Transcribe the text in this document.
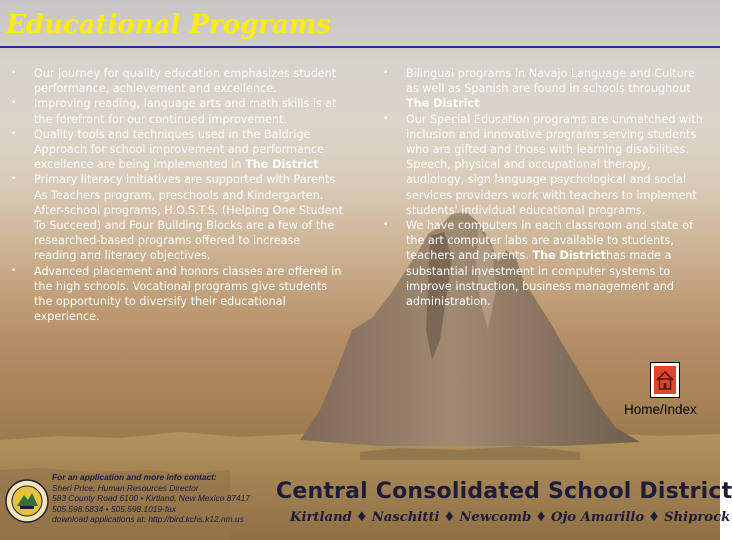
Educational Programs
• Our journey for quality education emphasizes student performance, achievement and excellence.
• Improving reading, language arts and math skills is at the forefront for our continued improvement.
• Quality tools and techniques used in the Baldrige Approach for school improvement and performance excellence are being implemented in The District
• Primary literacy initiatives are supported with Parents As Teachers program, preschools and Kindergarten. After-school programs, H.O.S.T.S. (Helping One Student To Succeed) and Four Building Blocks are a few of the researched-based programs offered to increase reading and literacy objectives.
• Advanced placement and honors classes are offered in the high schools. Vocational programs give students the opportunity to diversify their educational experience.
• Bilingual programs in Navajo Language and Culture as well as Spanish are found in schools throughout The District
• Our Special Education programs are unmatched with inclusion and innovative programs serving students who are gifted and those with learning disabilities. Speech, physical and occupational therapy, audiology, sign language psychological and social services providers work with teachers to implement students' individual educational programs.
• We have computers in each classroom and state of the art computer labs are available to students, teachers and parents. The Districthas made a substantial investment in computer systems to improve instruction, business management and administration.
Home/Index
For an application and more info contact:
Sheri Price, Human Resources Director
583 County Road 6100 • Kirtland, New Mexico 87417
505.598.5834 • 505.598.1019-fax
download applications at: http://bird.kchs.k12.nm.us
Central Consolidated School District
Kirtland ♦ Naschitti ♦ Newcomb ♦ Ojo Amarillo ♦ Shiprock
